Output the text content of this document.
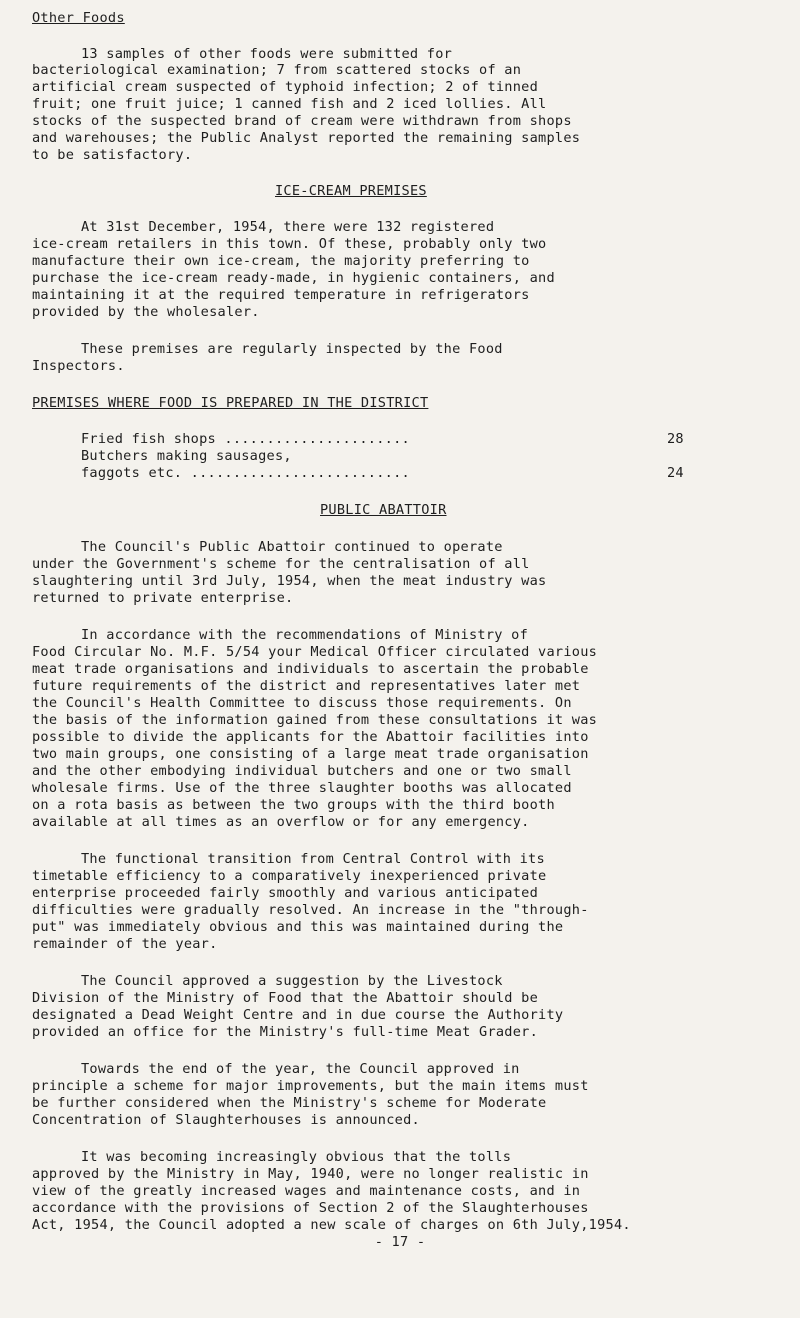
Other Foods
13 samples of other foods were submitted for
bacteriological examination; 7 from scattered stocks of an
artificial cream suspected of typhoid infection; 2 of tinned
fruit; one fruit juice; 1 canned fish and 2 iced lollies. All
stocks of the suspected brand of cream were withdrawn from shops
and warehouses; the Public Analyst reported the remaining samples
to be satisfactory.
ICE-CREAM PREMISES
At 31st December, 1954, there were 132 registered
ice-cream retailers in this town. Of these, probably only two
manufacture their own ice-cream, the majority preferring to
purchase the ice-cream ready-made, in hygienic containers, and
maintaining it at the required temperature in refrigerators
provided by the wholesaler.
These premises are regularly inspected by the Food
Inspectors.
PREMISES WHERE FOOD IS PREPARED IN THE DISTRICT
Fried fish shops ......................	28
Butchers making sausages,
faggots etc. ..........................	24
PUBLIC ABATTOIR
The Council's Public Abattoir continued to operate
under the Government's scheme for the centralisation of all
slaughtering until 3rd July, 1954, when the meat industry was
returned to private enterprise.
In accordance with the recommendations of Ministry of
Food Circular No. M.F. 5/54 your Medical Officer circulated various
meat trade organisations and individuals to ascertain the probable
future requirements of the district and representatives later met
the Council's Health Committee to discuss those requirements. On
the basis of the information gained from these consultations it was
possible to divide the applicants for the Abattoir facilities into
two main groups, one consisting of a large meat trade organisation
and the other embodying individual butchers and one or two small
wholesale firms. Use of the three slaughter booths was allocated
on a rota basis as between the two groups with the third booth
available at all times as an overflow or for any emergency.
The functional transition from Central Control with its
timetable efficiency to a comparatively inexperienced private
enterprise proceeded fairly smoothly and various anticipated
difficulties were gradually resolved. An increase in the "through-
put" was immediately obvious and this was maintained during the
remainder of the year.
The Council approved a suggestion by the Livestock
Division of the Ministry of Food that the Abattoir should be
designated a Dead Weight Centre and in due course the Authority
provided an office for the Ministry's full-time Meat Grader.
Towards the end of the year, the Council approved in
principle a scheme for major improvements, but the main items must
be further considered when the Ministry's scheme for Moderate
Concentration of Slaughterhouses is announced.
It was becoming increasingly obvious that the tolls
approved by the Ministry in May, 1940, were no longer realistic in
view of the greatly increased wages and maintenance costs, and in
accordance with the provisions of Section 2 of the Slaughterhouses
Act, 1954, the Council adopted a new scale of charges on 6th July,1954.
- 17 -
